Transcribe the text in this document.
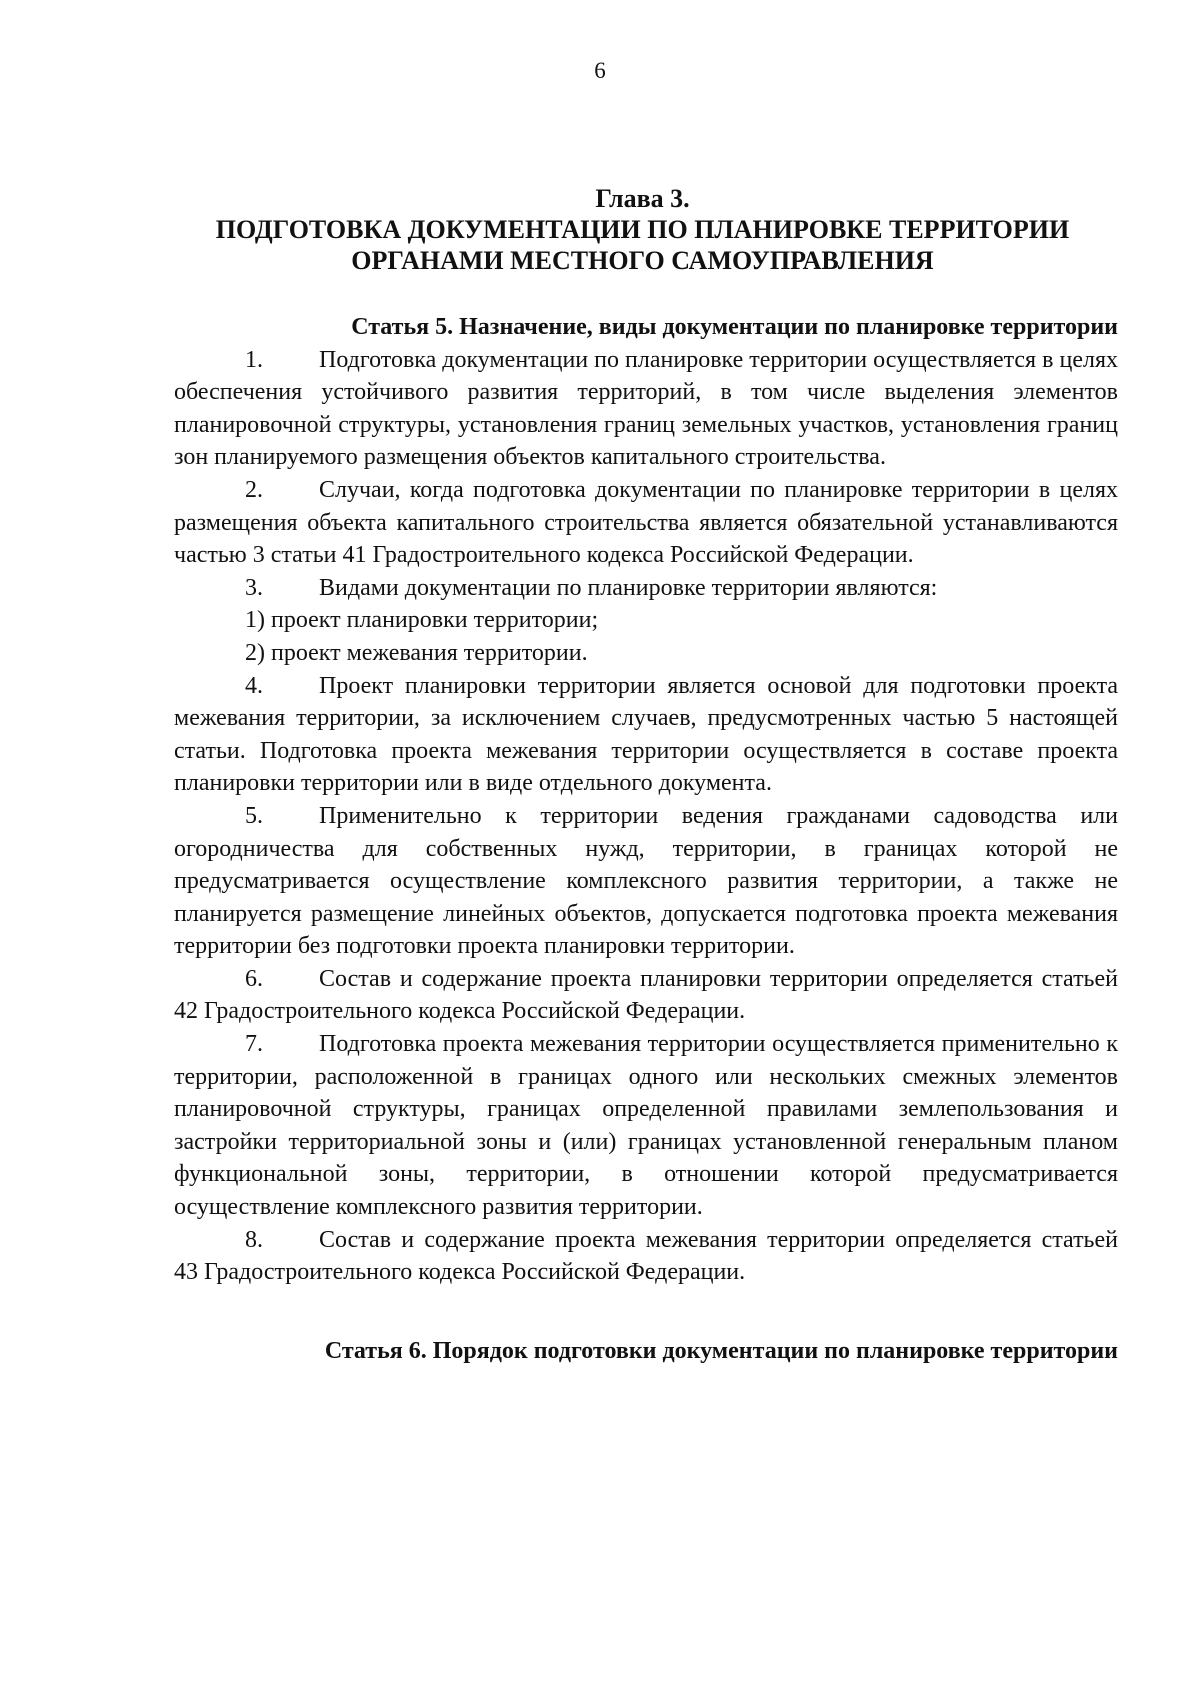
6
Глава 3.
ПОДГОТОВКА ДОКУМЕНТАЦИИ ПО ПЛАНИРОВКЕ ТЕРРИТОРИИ
ОРГАНАМИ МЕСТНОГО САМОУПРАВЛЕНИЯ

Статья 5. Назначение, виды документации по планировке территории

1. Подготовка документации по планировке территории осуществляется в целях обеспечения устойчивого развития территорий, в том числе выделения элементов планировочной структуры, установления границ земельных участков, установления границ зон планируемого размещения объектов капитального строительства.

2. Случаи, когда подготовка документации по планировке территории в целях размещения объекта капитального строительства является обязательной устанавливаются частью 3 статьи 41 Градостроительного кодекса Российской Федерации.

3. Видами документации по планировке территории являются:

1) проект планировки территории;

2) проект межевания территории.

4. Проект планировки территории является основой для подготовки проекта межевания территории, за исключением случаев, предусмотренных частью 5 настоящей статьи. Подготовка проекта межевания территории осуществляется в составе проекта планировки территории или в виде отдельного документа.

5. Применительно к территории ведения гражданами садоводства или огородничества для собственных нужд, территории, в границах которой не предусматривается осуществление комплексного развития территории, а также не планируется размещение линейных объектов, допускается подготовка проекта межевания территории без подготовки проекта планировки территории.

6. Состав и содержание проекта планировки территории определяется статьей 42 Градостроительного кодекса Российской Федерации.

7. Подготовка проекта межевания территории осуществляется применительно к территории, расположенной в границах одного или нескольких смежных элементов планировочной структуры, границах определенной правилами землепользования и застройки территориальной зоны и (или) границах установленной генеральным планом функциональной зоны, территории, в отношении которой предусматривается осуществление комплексного развития территории.

8. Состав и содержание проекта межевания территории определяется статьей 43 Градостроительного кодекса Российской Федерации.

Статья 6. Порядок подготовки документации по планировке территории
